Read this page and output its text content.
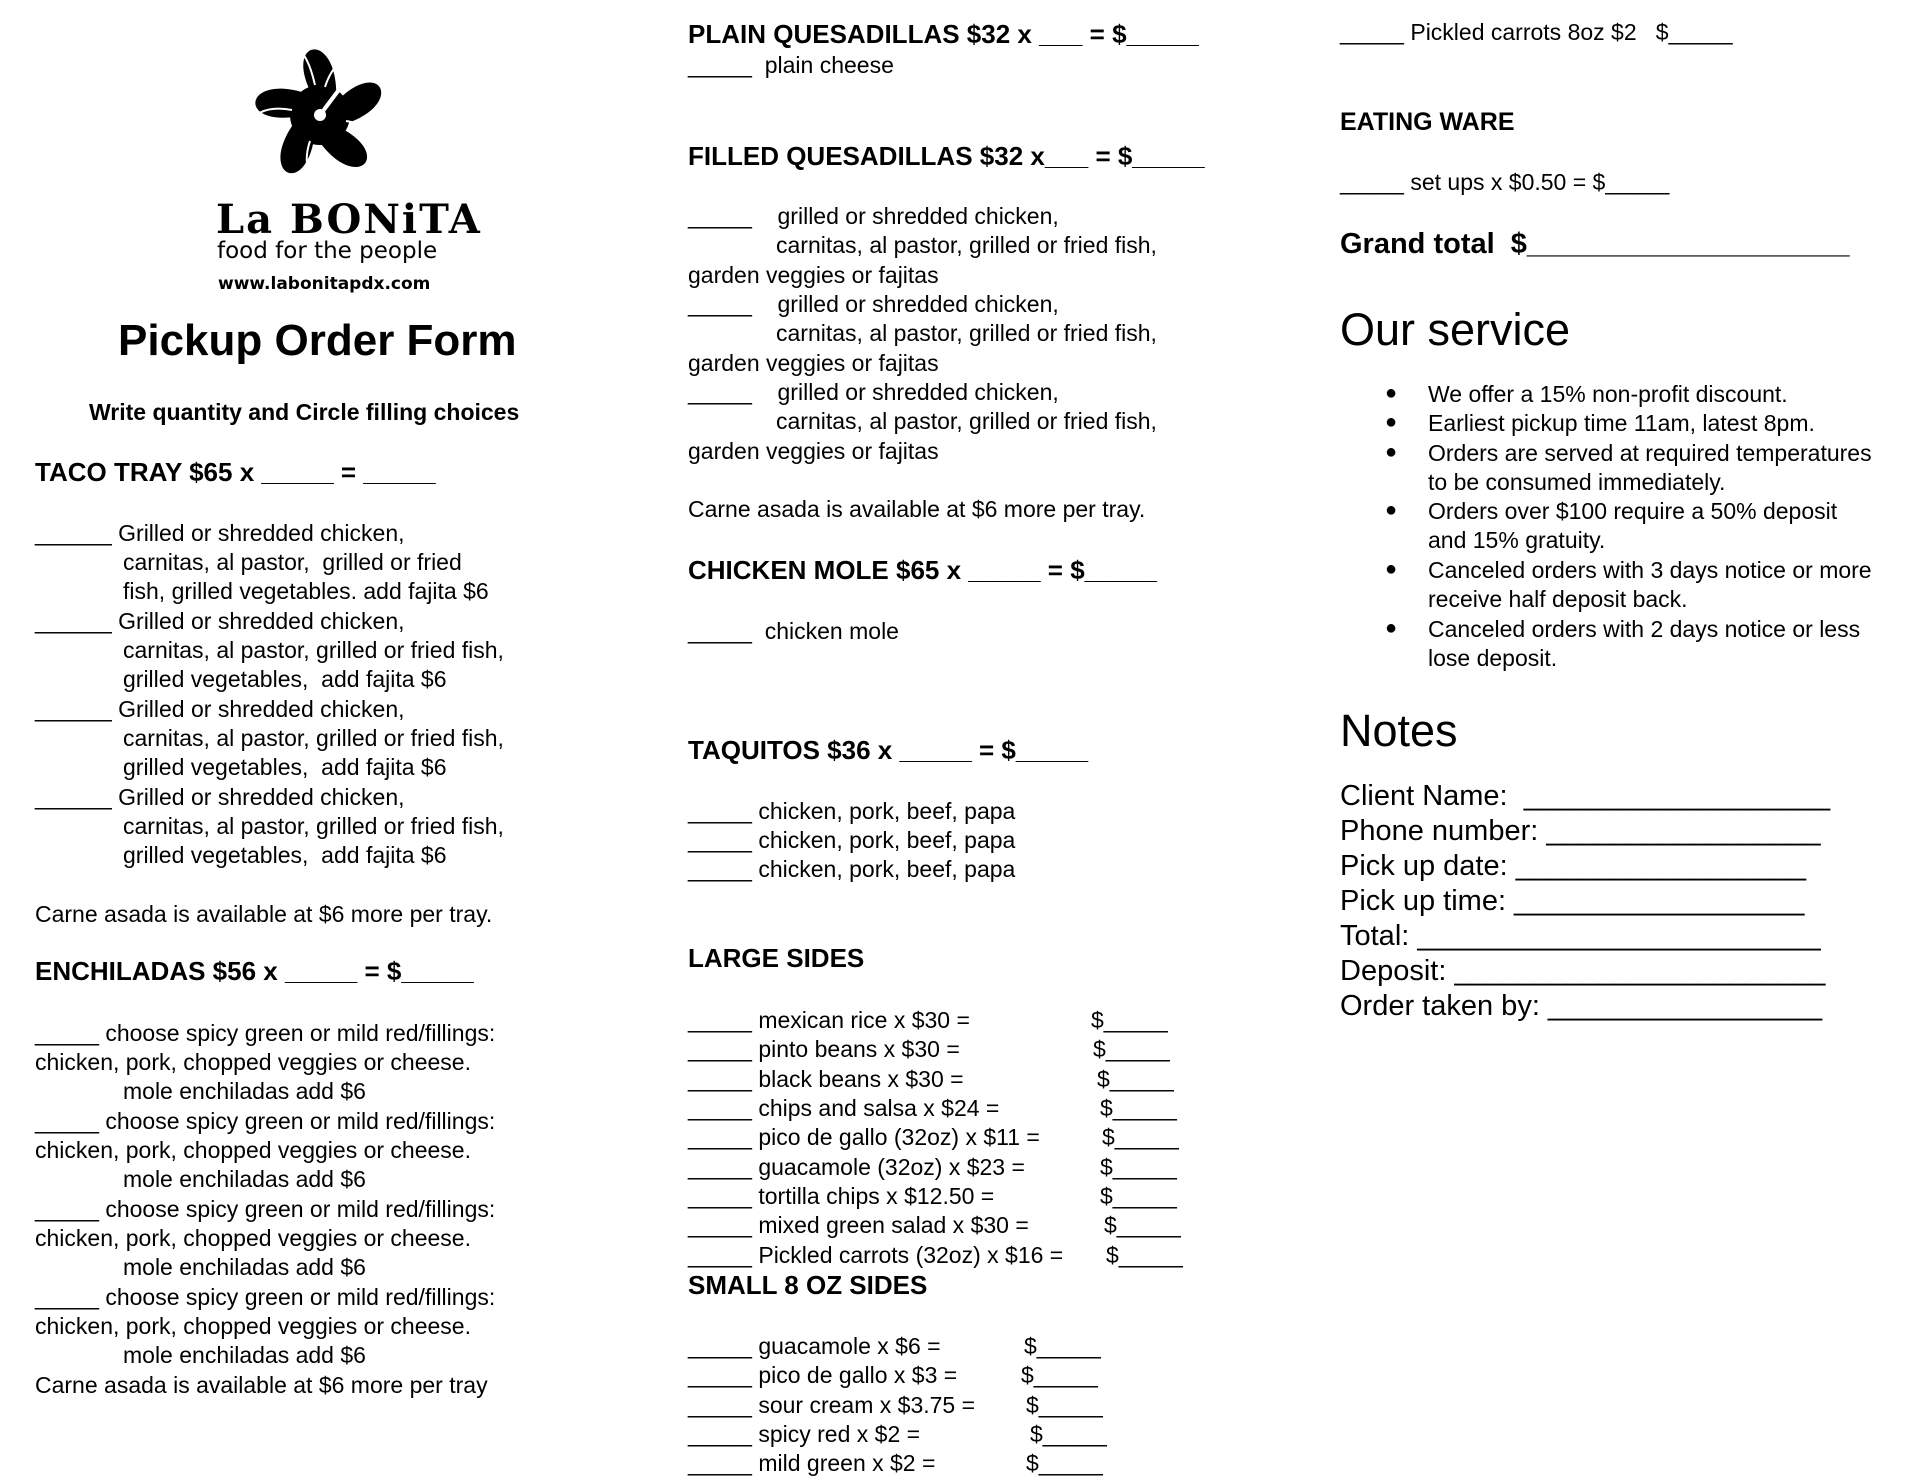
La BONiTA
food for the people
www.labonitapdx.com
Pickup Order Form
Write quantity and Circle filling choices
TACO TRAY $65 x _____ = _____
______ Grilled or shredded chicken,
carnitas, al pastor,  grilled or fried
fish, grilled vegetables. add fajita $6
______ Grilled or shredded chicken,
carnitas, al pastor, grilled or fried fish,
grilled vegetables,  add fajita $6
______ Grilled or shredded chicken,
carnitas, al pastor, grilled or fried fish,
grilled vegetables,  add fajita $6
______ Grilled or shredded chicken,
carnitas, al pastor, grilled or fried fish,
grilled vegetables,  add fajita $6
Carne asada is available at $6 more per tray.
ENCHILADAS $56 x _____ = $_____
_____ choose spicy green or mild red/fillings:
chicken, pork, chopped veggies or cheese.
mole enchiladas add $6
_____ choose spicy green or mild red/fillings:
chicken, pork, chopped veggies or cheese.
mole enchiladas add $6
_____ choose spicy green or mild red/fillings:
chicken, pork, chopped veggies or cheese.
mole enchiladas add $6
_____ choose spicy green or mild red/fillings:
chicken, pork, chopped veggies or cheese.
mole enchiladas add $6
Carne asada is available at $6 more per tray
PLAIN QUESADILLAS $32 x ___ = $_____
_____  plain cheese
FILLED QUESADILLAS $32 x___ = $_____
_____    grilled or shredded chicken,
carnitas, al pastor, grilled or fried fish,
garden veggies or fajitas
_____    grilled or shredded chicken,
carnitas, al pastor, grilled or fried fish,
garden veggies or fajitas
_____    grilled or shredded chicken,
carnitas, al pastor, grilled or fried fish,
garden veggies or fajitas
Carne asada is available at $6 more per tray.
CHICKEN MOLE $65 x _____ = $_____
_____  chicken mole
TAQUITOS $36 x _____ = $_____
_____ chicken, pork, beef, papa
_____ chicken, pork, beef, papa
_____ chicken, pork, beef, papa
LARGE SIDES
_____ mexican rice x $30 =	$_____
_____ pinto beans x $30 =	$_____
_____ black beans x $30 =	$_____
_____ chips and salsa x $24 =	$_____
_____ pico de gallo (32oz) x $11 =	$_____
_____ guacamole (32oz) x $23 =	$_____
_____ tortilla chips x $12.50 =	$_____
_____ mixed green salad x $30 =	$_____
_____ Pickled carrots (32oz) x $16 = $_____
SMALL 8 OZ SIDES
_____ guacamole x $6 =	$_____
_____ pico de gallo x $3 =	$_____
_____ sour cream x $3.75 = $_____
_____ spicy red x $2 =	$_____
_____ mild green x $2 =	$_____
_____ Pickled carrots 8oz $2   $_____
EATING WARE
_____ set ups x $0.50 = $_____
Grand total  $____________________
Our service
● We offer a 15% non-profit discount.
● Earliest pickup time 11am, latest 8pm.
● Orders are served at required temperatures
to be consumed immediately.
● Orders over $100 require a 50% deposit
and 15% gratuity.
● Canceled orders with 3 days notice or more
receive half deposit back.
● Canceled orders with 2 days notice or less
lose deposit.
Notes
Client Name:  ___________________
Phone number: _________________
Pick up date: __________________
Pick up time: __________________
Total: _________________________
Deposit: _______________________
Order taken by: _________________
